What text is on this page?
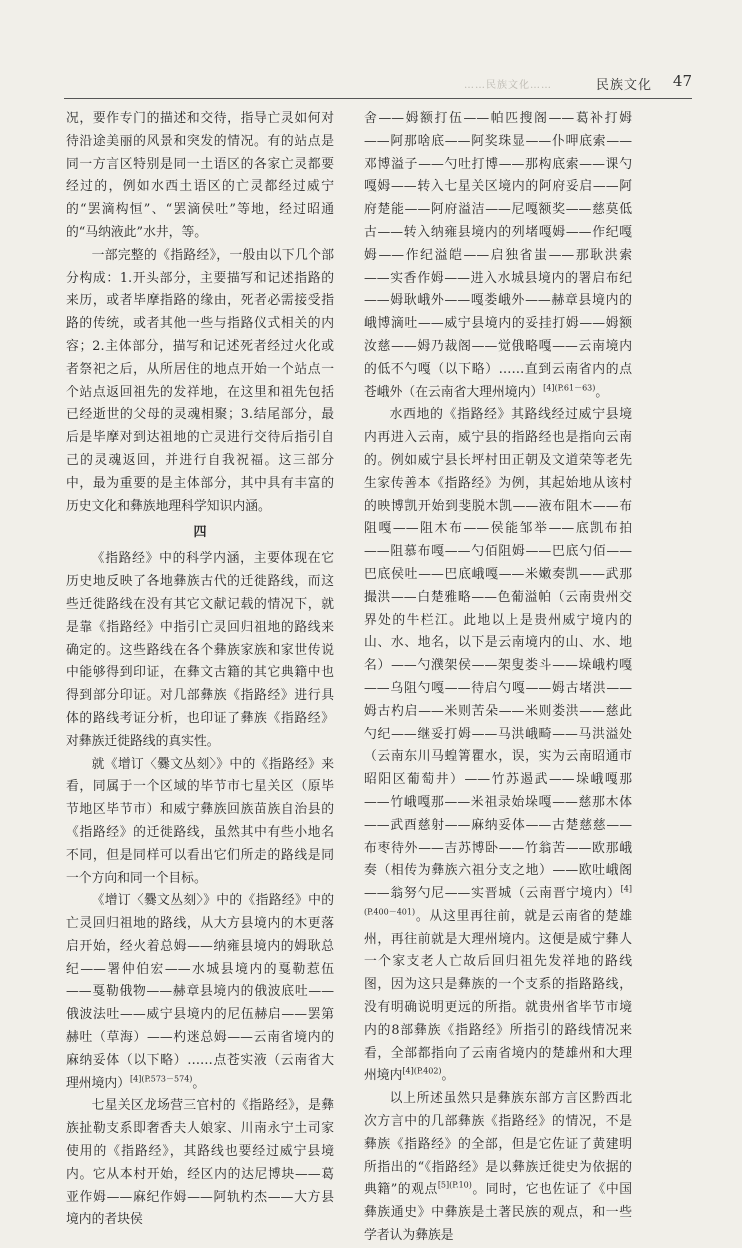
……民族文化……	民族文化 47

况，要作专门的描述和交待，指导亡灵如何对待沿途美丽的风景和突发的情况。有的站点是同一方言区特别是同一土语区的各家亡灵都要经过的，例如水西土语区的亡灵都经过威宁的“罢滴构恒”、“罢滴侯吐”等地，经过昭通的“马纳液此”水井，等。

一部完整的《指路经》，一般由以下几个部分构成：1.开头部分，主要描写和记述指路的来历，或者毕摩指路的缘由，死者必需接受指路的传统，或者其他一些与指路仪式相关的内容；2.主体部分，描写和记述死者经过火化或者祭祀之后，从所居住的地点开始一个站点一个站点返回祖先的发祥地，在这里和祖先包括已经逝世的父母的灵魂相聚；3.结尾部分，最后是毕摩对到达祖地的亡灵进行交待后指引自己的灵魂返回，并进行自我祝福。这三部分中，最为重要的是主体部分，其中具有丰富的历史文化和彝族地理科学知识内涵。

四

《指路经》中的科学内涵，主要体现在它历史地反映了各地彝族古代的迁徙路线，而这些迁徙路线在没有其它文献记载的情况下，就是靠《指路经》中指引亡灵回归祖地的路线来确定的。这些路线在各个彝族家族和家世传说中能够得到印证，在彝文古籍的其它典籍中也得到部分印证。对几部彝族《指路经》进行具体的路线考证分析，也印证了彝族《指路经》对彝族迁徙路线的真实性。

就《增订〈爨文丛刻〉》中的《指路经》来看，同属于一个区域的毕节市七星关区（原毕节地区毕节市）和威宁彝族回族苗族自治县的《指路经》的迁徙路线，虽然其中有些小地名不同，但是同样可以看出它们所走的路线是同一个方向和同一个目标。

《增订〈爨文丛刻〉》中的《指路经》中的亡灵回归祖地的路线，从大方县境内的木更落启开始，经火着总姆——纳雍县境内的姆耿总纪——署仲伯宏——水城县境内的戛勒惹伍——戛勒俄物——赫章县境内的俄波底吐——俄波法吐——威宁县境内的尼伍赫启——罢第赫吐（草海）——杓迷总姆——云南省境内的麻纳妥体（以下略）……点苍实液（云南省大理州境内）$^{[4](P.573-574)}$。

七星关区龙场营三官村的《指路经》，是彝族扯勒支系即奢香夫人娘家、川南永宁土司家使用的《指路经》，其路线也要经过威宁县境内。它从本村开始，经区内的达尼博块——葛亚作姆——麻纪作姆——阿轨杓杰——大方县境内的者块侯

舍——姆额打伍——帕匹搜阁——葛补打姆——阿那啥底——阿奖珠显——仆呷底索——邓博溢子——勺吐打博——那构底索——课勺嘎姆——转入七星关区境内的阿府妥启——阿府楚能——阿府溢洁——尼嘎额奖——慈莫低古——转入纳雍县境内的列堵嘎姆——作纪嘎姆——作纪溢皑——启独省蚩——那耿洪索——实香作姆——进入水城县境内的署启布纪——姆耿峨外——嘎娄峨外——赫章县境内的峨博滴吐——威宁县境内的妥挂打姆——姆额汝慈——姆乃裁阁——觉俄略嘎——云南境内的低不勺嘎（以下略）……直到云南省内的点苍峨外（在云南省大理州境内）$^{[4](P.61-63)}$。

水西地的《指路经》其路线经过威宁县境内再进入云南，威宁县的指路经也是指向云南的。例如威宁县长坪村田正朝及文道荣等老先生家传善本《指路经》为例，其起始地从该村的映博凯开始到斐脱木凯——液布阻木——布阻嘎——阻木布——侯能邹举——底凯布拍——阻慕布嘎——勺佰阻姆——巴底勺佰——巴底侯吐——巴底峨嘎——米嫩奏凯——武那撮洪——白楚雅略——色葡溢帕（云南贵州交界处的牛栏江。此地以上是贵州威宁境内的山、水、地名，以下是云南境内的山、水、地名）——勺濮架侯——架叟娄斗——垛峨杓嘎——乌阻勺嘎——待启勺嘎——姆古堵洪——姆古杓启——米则苦朵——米则娄洪——慈此勺纪——继妥打姆——马洪峨畸——马洪溢处（云南东川马蝗箐瞿水，误，实为云南昭通市昭阳区葡萄井）——竹苏遏武——垛峨嘎那——竹峨嘎那——米祖录始垛嘎——慈那木体——武酉慈射——麻纳妥体——古楚慈慈——布枣待外——吉苏博卧——竹翁苦——欧那峨奏（相传为彝族六祖分支之地）——欧吐峨阁——翁努勺尼——实晋城（云南晋宁境内）$^{[4](P.400-401)}$。从这里再往前，就是云南省的楚雄州，再往前就是大理州境内。这便是威宁彝人一个家支老人亡故后回归祖先发祥地的路线图，因为这只是彝族的一个支系的指路路线，没有明确说明更远的所指。就贵州省毕节市境内的8部彝族《指路经》所指引的路线情况来看，全部都指向了云南省境内的楚雄州和大理州境内$^{[4](P.402)}$。

以上所述虽然只是彝族东部方言区黔西北次方言中的几部彝族《指路经》的情况，不是彝族《指路经》的全部，但是它佐证了黄建明所指出的“《指路经》是以彝族迁徙史为依据的典籍”的观点$^{[5](P.10)}$。同时，它也佐证了《中国彝族通史》中彝族是土著民族的观点，和一些学者认为彝族是
